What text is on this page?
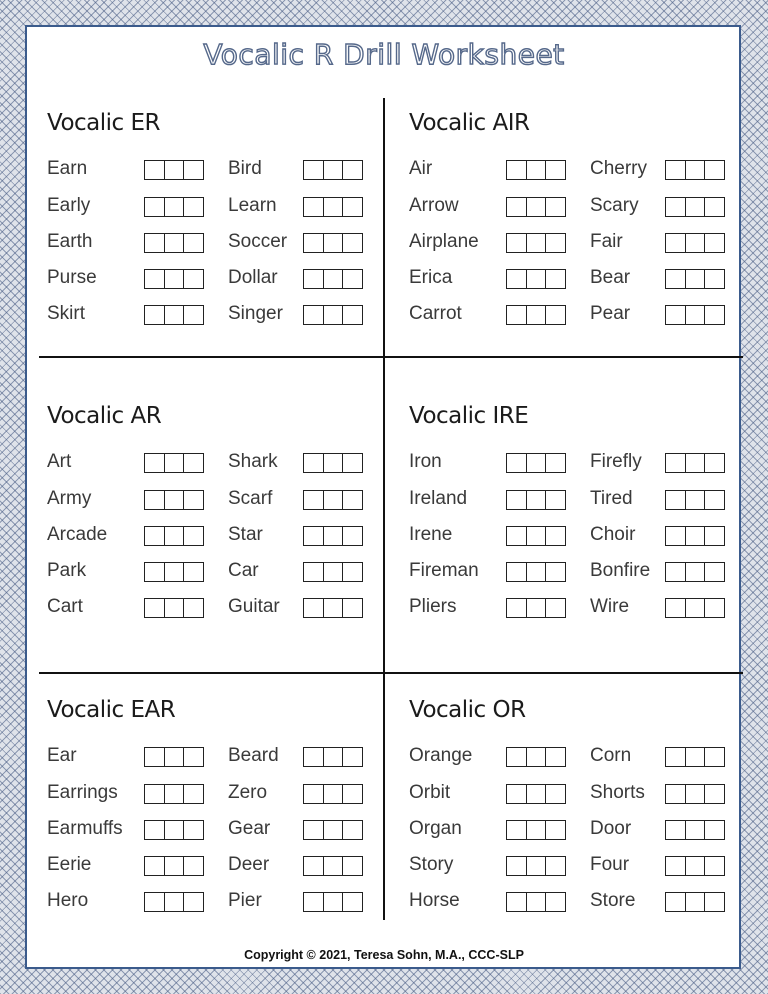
Vocalic R Drill Worksheet
Vocalic ER
Earn
Early
Earth
Purse
Skirt
Bird
Learn
Soccer
Dollar
Singer
Vocalic AIR
Air
Arrow
Airplane
Erica
Carrot
Cherry
Scary
Fair
Bear
Pear
Vocalic AR
Art
Army
Arcade
Park
Cart
Shark
Scarf
Star
Car
Guitar
Vocalic IRE
Iron
Ireland
Irene
Fireman
Pliers
Firefly
Tired
Choir
Bonfire
Wire
Vocalic EAR
Ear
Earrings
Earmuffs
Eerie
Hero
Beard
Zero
Gear
Deer
Pier
Vocalic OR
Orange
Orbit
Organ
Story
Horse
Corn
Shorts
Door
Four
Store
Copyright © 2021, Teresa Sohn, M.A., CCC-SLP
